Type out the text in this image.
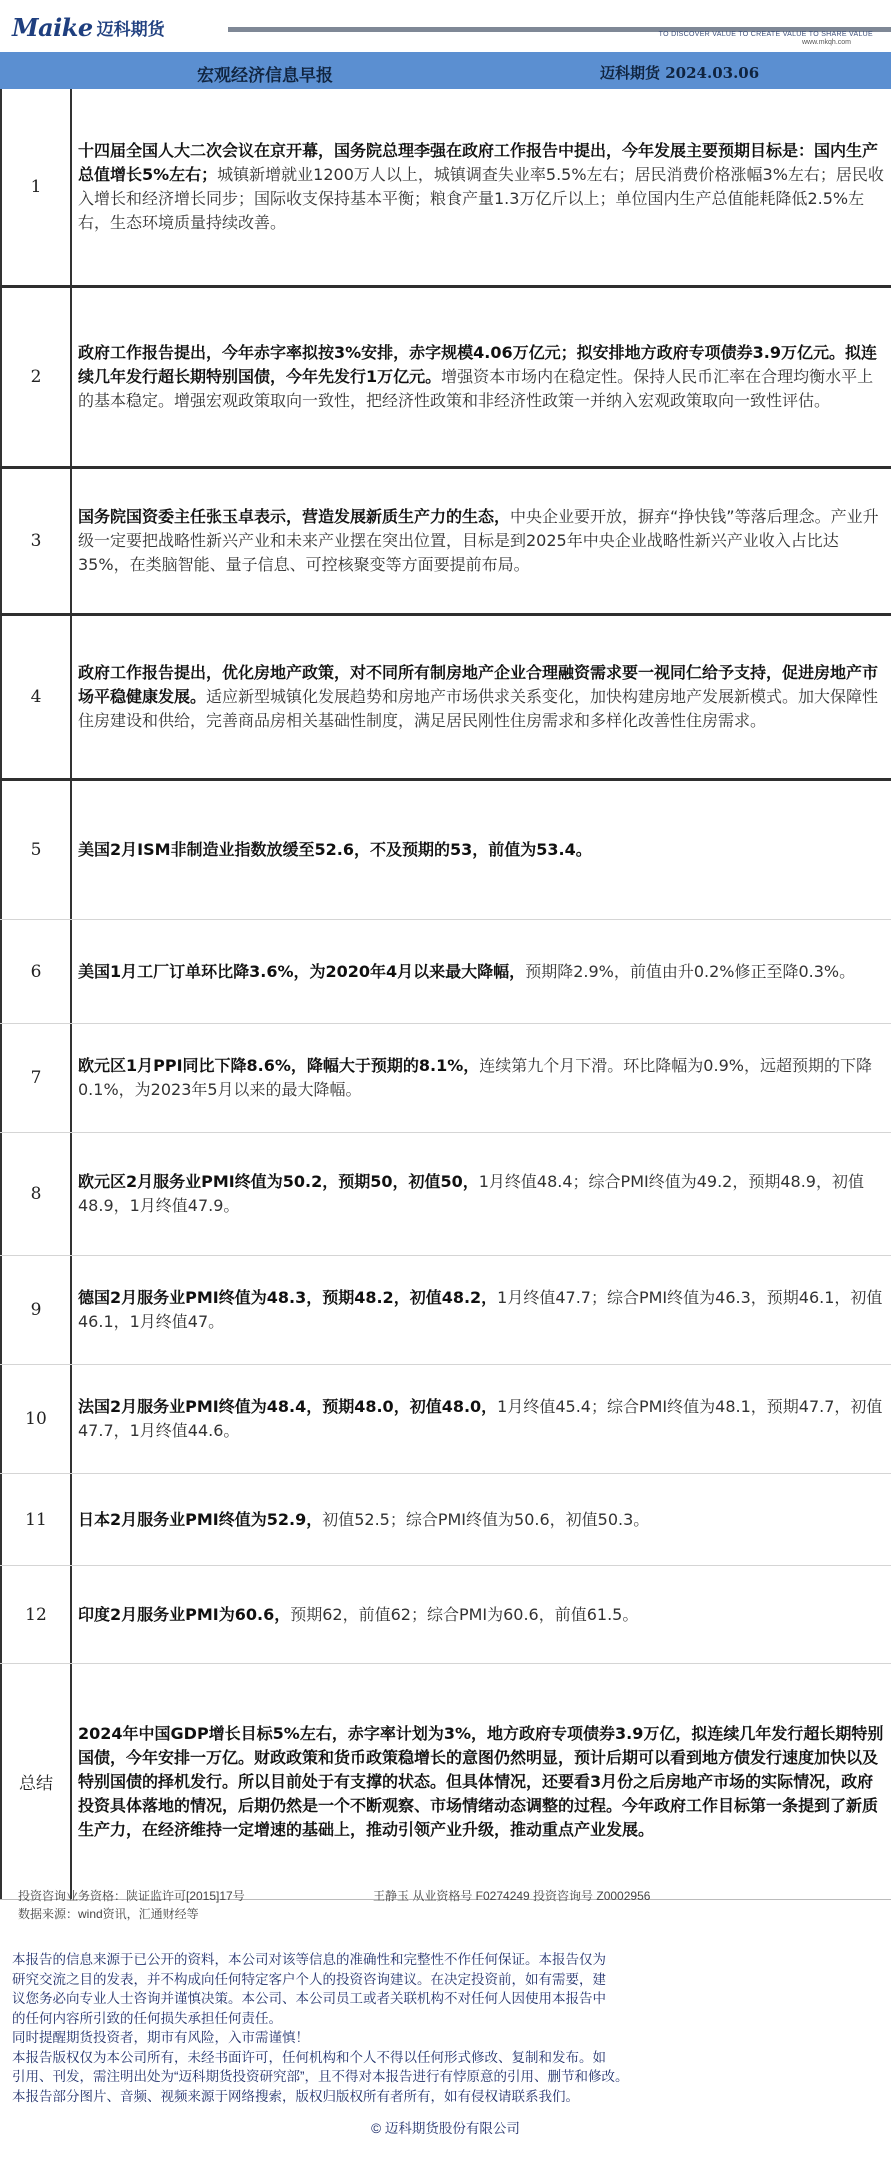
Maike 迈科期货	TO DISCOVER VALUE TO CREATE VALUE TO SHARE VALUE
www.mkqh.com
宏观经济信息早报	迈科期货 2024.03.06
1
十四届全国人大二次会议在京开幕，国务院总理李强在政府工作报告中提出，今年发展主要预期目标是：国内生产总值增长5%左右；城镇新增就业1200万人以上，城镇调查失业率5.5%左右；居民消费价格涨幅3%左右；居民收入增长和经济增长同步；国际收支保持基本平衡；粮食产量1.3万亿斤以上；单位国内生产总值能耗降低2.5%左右，生态环境质量持续改善。
2
政府工作报告提出，今年赤字率拟按3%安排，赤字规模4.06万亿元；拟安排地方政府专项债券3.9万亿元。拟连续几年发行超长期特别国债，今年先发行1万亿元。增强资本市场内在稳定性。保持人民币汇率在合理均衡水平上的基本稳定。增强宏观政策取向一致性，把经济性政策和非经济性政策一并纳入宏观政策取向一致性评估。
3
国务院国资委主任张玉卓表示，营造发展新质生产力的生态，中央企业要开放，摒弃“挣快钱”等落后理念。产业升级一定要把战略性新兴产业和未来产业摆在突出位置，目标是到2025年中央企业战略性新兴产业收入占比达35%，在类脑智能、量子信息、可控核聚变等方面要提前布局。
4
政府工作报告提出，优化房地产政策，对不同所有制房地产企业合理融资需求要一视同仁给予支持，促进房地产市场平稳健康发展。适应新型城镇化发展趋势和房地产市场供求关系变化，加快构建房地产发展新模式。加大保障性住房建设和供给，完善商品房相关基础性制度，满足居民刚性住房需求和多样化改善性住房需求。
5	美国2月ISM非制造业指数放缓至52.6，不及预期的53，前值为53.4。
6	美国1月工厂订单环比降3.6%，为2020年4月以来最大降幅，预期降2.9%，前值由升0.2%修正至降0.3%。
7
欧元区1月PPI同比下降8.6%，降幅大于预期的8.1%，连续第九个月下滑。环比降幅为0.9%，远超预期的下降0.1%，为2023年5月以来的最大降幅。
8
欧元区2月服务业PMI终值为50.2，预期50，初值50，1月终值48.4；综合PMI终值为49.2，预期48.9，初值48.9，1月终值47.9。
9
德国2月服务业PMI终值为48.3，预期48.2，初值48.2，1月终值47.7；综合PMI终值为46.3，预期46.1，初值46.1，1月终值47。
10
法国2月服务业PMI终值为48.4，预期48.0，初值48.0，1月终值45.4；综合PMI终值为48.1，预期47.7，初值47.7，1月终值44.6。
11	日本2月服务业PMI终值为52.9，初值52.5；综合PMI终值为50.6，初值50.3。
12	印度2月服务业PMI为60.6，预期62，前值62；综合PMI为60.6，前值61.5。
总结
2024年中国GDP增长目标5%左右，赤字率计划为3%，地方政府专项债券3.9万亿，拟连续几年发行超长期特别国债，今年安排一万亿。财政政策和货币政策稳增长的意图仍然明显，预计后期可以看到地方债发行速度加快以及特别国债的择机发行。所以目前处于有支撑的状态。但具体情况，还要看3月份之后房地产市场的实际情况，政府投资具体落地的情况，后期仍然是一个不断观察、市场情绪动态调整的过程。今年政府工作目标第一条提到了新质生产力，在经济维持一定增速的基础上，推动引领产业升级，推动重点产业发展。
投资咨询业务资格：陕证监许可[2015]17号	王静玉 从业资格号 F0274249 投资咨询号 Z0002956
数据来源：wind资讯，汇通财经等
本报告的信息来源于已公开的资料，本公司对该等信息的准确性和完整性不作任何保证。本报告仅为
研究交流之目的发表，并不构成向任何特定客户个人的投资咨询建议。在决定投资前，如有需要，建
议您务必向专业人士咨询并谨慎决策。本公司、本公司员工或者关联机构不对任何人因使用本报告中
的任何内容所引致的任何损失承担任何责任。
同时提醒期货投资者，期市有风险，入市需谨慎！
本报告版权仅为本公司所有，未经书面许可，任何机构和个人不得以任何形式修改、复制和发布。如
引用、刊发，需注明出处为“迈科期货投资研究部”，且不得对本报告进行有悖原意的引用、删节和修改。
本报告部分图片、音频、视频来源于网络搜索，版权归版权所有者所有，如有侵权请联系我们。
© 迈科期货股份有限公司
